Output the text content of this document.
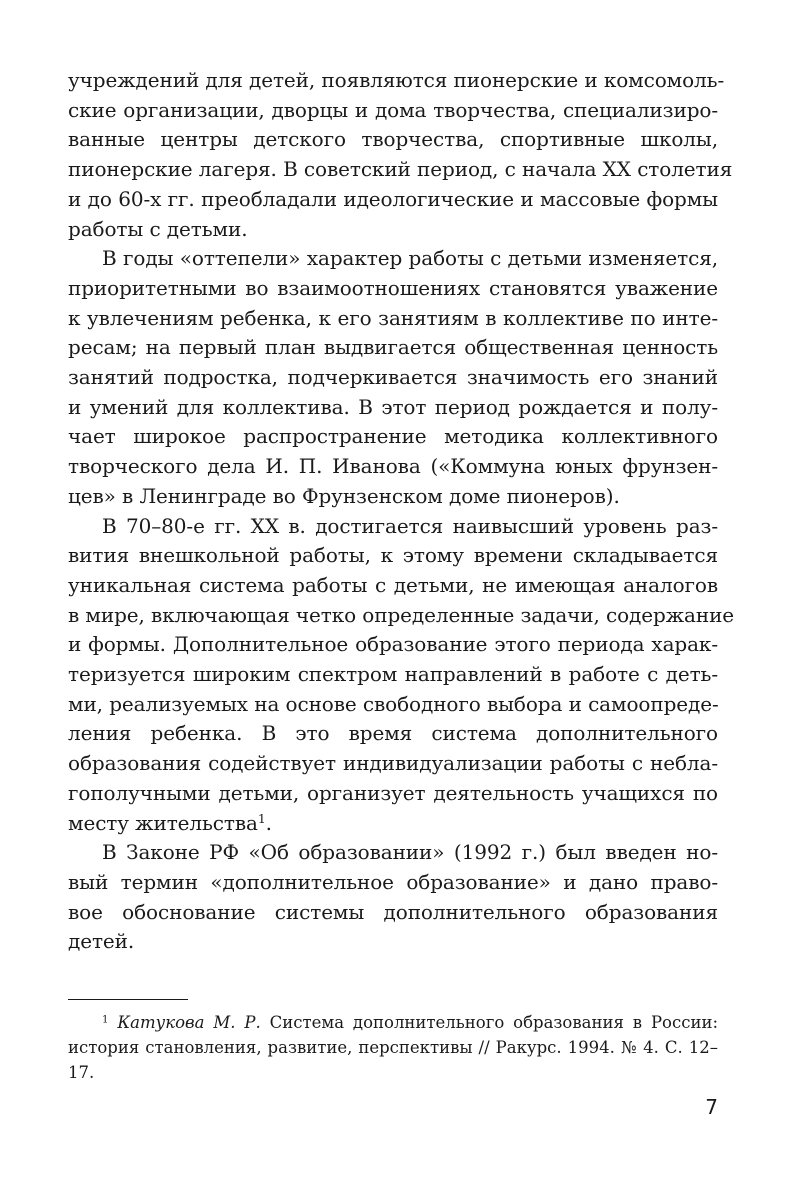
учреждений для детей, появляются пионерские и комсомоль-
ские организации, дворцы и дома творчества, специализиро-
ванные центры детского творчества, спортивные школы,
пионерские лагеря. В советский период, с начала XX столетия
и до 60-х гг. преобладали идеологические и массовые формы
работы с детьми.

В годы «оттепели» характер работы с детьми изменяется,
приоритетными во взаимоотношениях становятся уважение
к увлечениям ребенка, к его занятиям в коллективе по инте-
ресам; на первый план выдвигается общественная ценность
занятий подростка, подчеркивается значимость его знаний
и умений для коллектива. В этот период рождается и полу-
чает широкое распространение методика коллективного
творческого дела И. П. Иванова («Коммуна юных фрунзен-
цев» в Ленинграде во Фрунзенском доме пионеров).

В 70–80-е гг. XX в. достигается наивысший уровень раз-
вития внешкольной работы, к этому времени складывается
уникальная система работы с детьми, не имеющая аналогов
в мире, включающая четко определенные задачи, содержание
и формы. Дополнительное образование этого периода харак-
теризуется широким спектром направлений в работе с деть-
ми, реализуемых на основе свободного выбора и самоопреде-
ления ребенка. В это время система дополнительного
образования содействует индивидуализации работы с небла-
гополучными детьми, организует деятельность учащихся по
месту жительства$^1$.

В Законе РФ «Об образовании» (1992 г.) был введен но-
вый термин «дополнительное образование» и дано право-
вое обоснование системы дополнительного образования
детей.

$^1$ Катукова М. Р. Система дополнительного образования в России:
история становления, развитие, перспективы // Ракурс. 1994. № 4. С. 12–
17.
7
